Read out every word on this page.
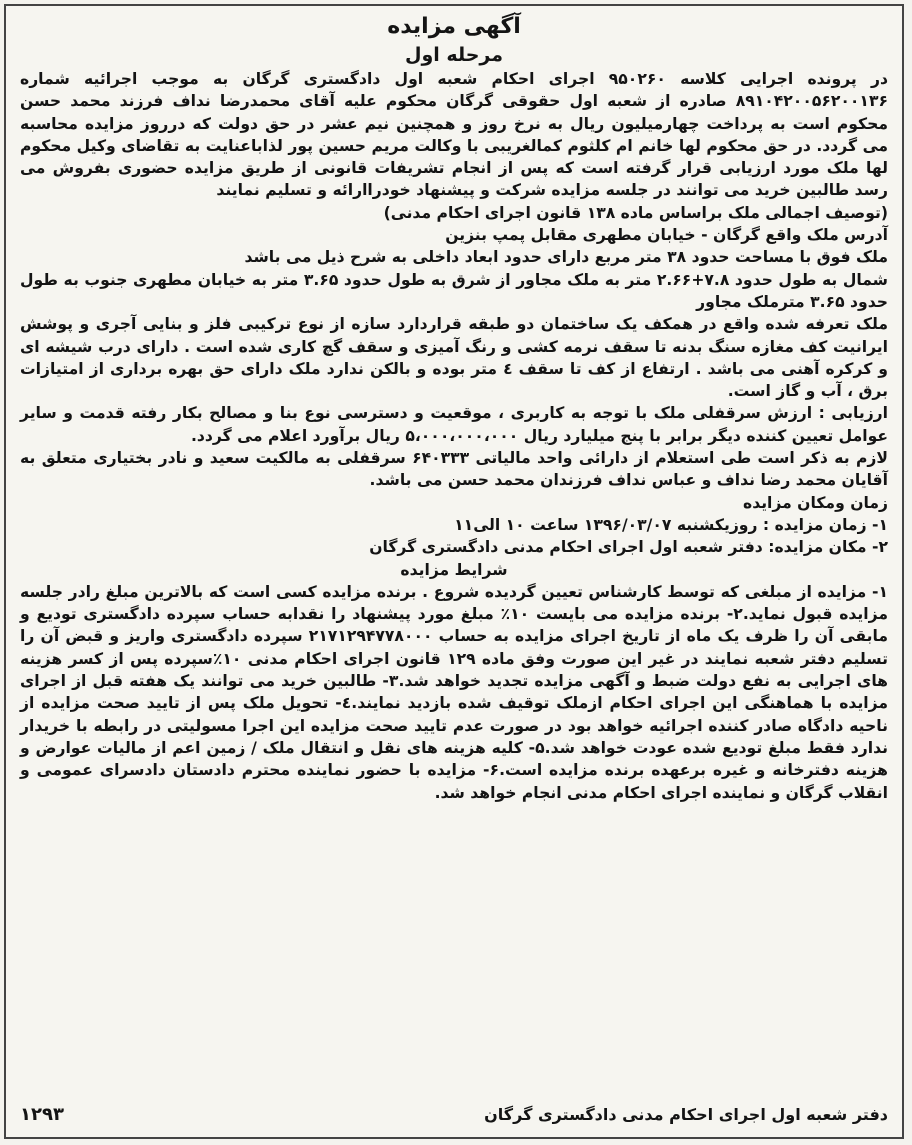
آگهی مزایده
مرحله اول

در پرونده اجرایی کلاسه ۹۵۰۲۶۰ اجرای احکام شعبه اول دادگستری گرگان به موجب اجرائیه شماره ۸۹۱۰۴۲۰۰۵۶۲۰۰۱۳۶ صادره از شعبه اول حقوقی گرگان محکوم علیه آقای محمدرضا نداف فرزند محمد حسن محکوم است به پرداخت چهارمیلیون ریال به نرخ روز و همچنین نیم عشر در حق دولت که درروز مزایده محاسبه می گردد. در حق محکوم لها خانم ام کلثوم کمالغریبی با وکالت مریم حسین پور لذاباعنایت به تقاضای وکیل محکوم لها ملک مورد ارزیابی قرار گرفته است که پس از انجام تشریفات قانونی از طریق مزایده حضوری بفروش می رسد طالبین خرید می توانند در جلسه مزایده شرکت و پیشنهاد خودراارائه و تسلیم نمایند

(توصیف اجمالی ملک براساس ماده ۱۳۸ قانون اجرای احکام مدنی)

آدرس ملک واقع گرگان - خیابان مطهری مقابل پمپ بنزین

ملک فوق با مساحت حدود ۳۸ متر مربع دارای حدود ابعاد داخلی به شرح ذیل می باشد

شمال به طول حدود ۷.۸+۲.۶۶ متر به ملک مجاور از شرق به طول حدود ۳.۶۵ متر به خیابان مطهری جنوب به طول حدود ۳.۶۵ مترملک مجاور

ملک تعرفه شده واقع در همکف یک ساختمان دو طبقه قراردارد سازه از نوع ترکیبی فلز و بنایی آجری و پوشش ایرانیت کف مغازه سنگ بدنه تا سقف نرمه کشی و رنگ آمیزی و سقف گچ کاری شده است . دارای درب شیشه ای و کرکره آهنی می باشد . ارتفاع از کف تا سقف ٤ متر بوده و بالکن ندارد ملک دارای حق بهره برداری از امتیازات برق ، آب و گاز است.

ارزیابی : ارزش سرقفلی ملک با توجه به کاربری ، موقعیت و دسترسی نوع بنا و مصالح بکار رفته قدمت و سایر عوامل تعیین کننده دیگر برابر با پنج میلیارد ریال ۵،۰۰۰،۰۰۰،۰۰۰ ریال برآورد اعلام می گردد.

لازم به ذکر است طی استعلام از دارائی واحد مالیاتی ۶۴۰۳۳۳ سرقفلی به مالکیت سعید و نادر بختیاری متعلق به آقایان محمد رضا نداف و عباس نداف فرزندان محمد حسن می باشد.

زمان ومکان مزایده

۱- زمان مزایده : روزیکشنبه ۱۳۹۶/۰۳/۰۷ ساعت ۱۰ الی۱۱

۲- مکان مزایده: دفتر شعبه اول اجرای احکام مدنی دادگستری گرگان

شرایط مزایده

۱- مزایده از مبلغی که توسط کارشناس تعیین گردیده شروع . برنده مزایده کسی است که بالاترین مبلغ رادر جلسه مزایده قبول نماید.۲- برنده مزایده می بایست ۱۰٪ مبلغ مورد پیشنهاد را نقدابه حساب سپرده دادگستری تودیع و مابقی آن را ظرف یک ماه از تاریخ اجرای مزایده به حساب ۲۱۷۱۲۹۴۷۷۸۰۰۰ سپرده دادگستری واریز و قبض آن را تسلیم دفتر شعبه نمایند در غیر این صورت وفق ماده ۱۲۹ قانون اجرای احکام مدنی ۱۰٪سپرده پس از کسر هزینه های اجرایی به نفع دولت ضبط و آگهی مزایده تجدید خواهد شد.۳- طالبین خرید می توانند یک هفته قبل از اجرای مزایده با هماهنگی این اجرای احکام ازملک توقیف شده بازدید نمایند.٤- تحویل ملک پس از تایید صحت مزایده از ناحیه دادگاه صادر کننده اجرائیه خواهد بود در صورت عدم تایید صحت مزایده این اجرا مسولیتی در رابطه با خریدار ندارد فقط مبلغ تودیع شده عودت خواهد شد.۵- کلیه هزینه های نقل و انتقال ملک / زمین اعم از مالیات عوارض و هزینه دفترخانه و غیره برعهده برنده مزایده است.۶- مزایده با حضور نماینده محترم دادستان دادسرای عمومی و انقلاب گرگان و نماینده اجرای احکام مدنی انجام خواهد شد.

دفتر شعبه اول اجرای احکام مدنی دادگستری گرگان
۱۲۹۳
